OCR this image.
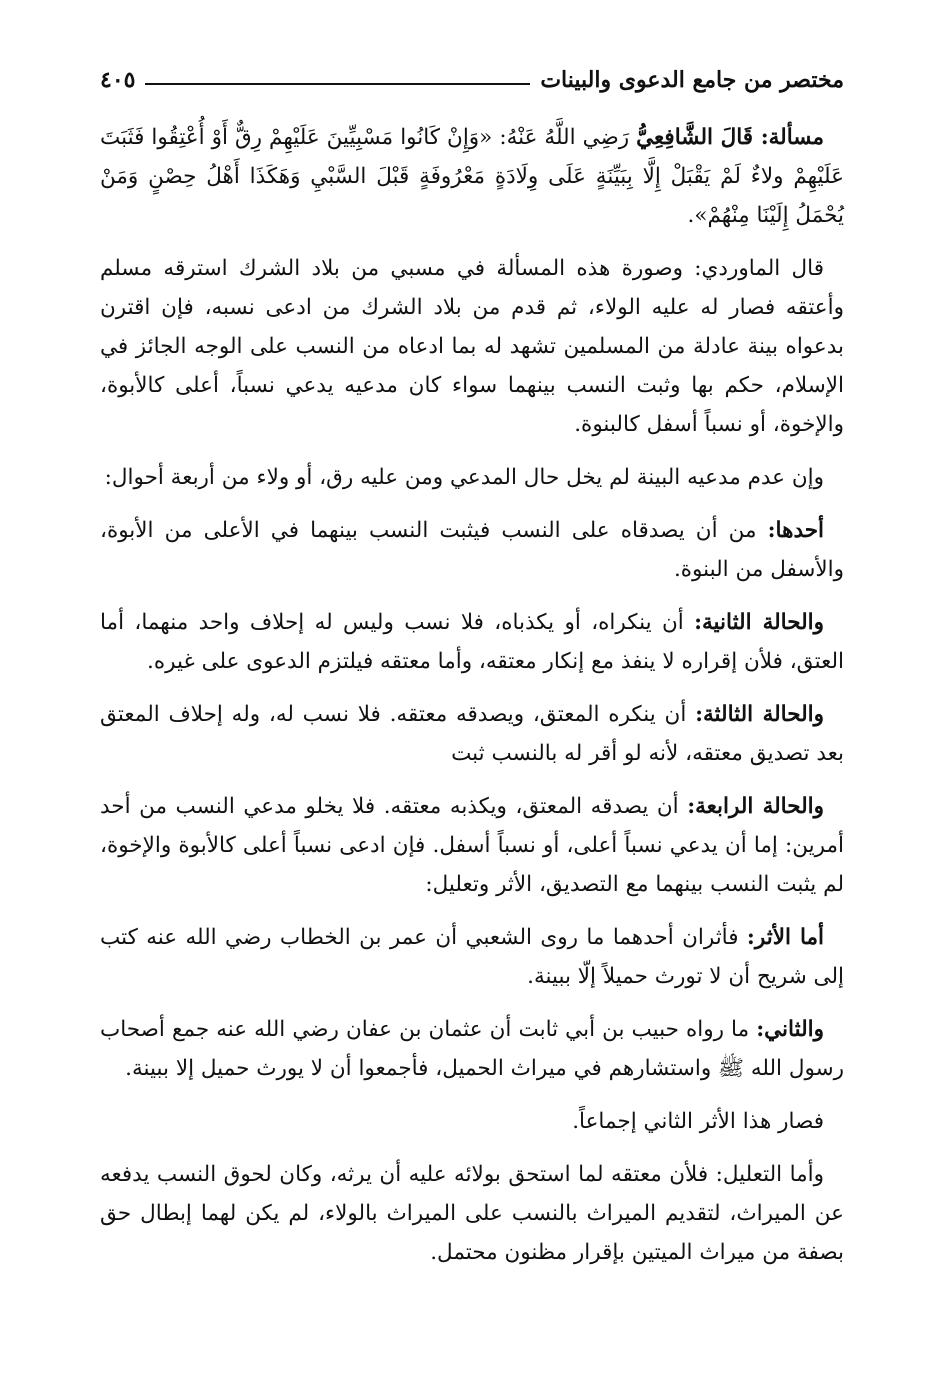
مختصر من جامع الدعوى والبينات
٤٠٥

مسألة: قَالَ الشَّافِعِيُّ رَضِي اللَّهُ عَنْهُ: «وَإِنْ كَانُوا مَسْبِيِّينَ عَلَيْهِمْ رِقٌّ أَوْ أُعْتِقُوا فَثَبَتَ عَلَيْهِمْ ولاءٌ لَمْ يَقْبَلْ إِلَّا بِبَيِّنَةٍ عَلَى وِلَادَةٍ مَعْرُوفَةٍ قَبْلَ السَّبْيِ وَهَكَذَا أَهْلُ حِصْنٍ وَمَنْ يُحْمَلُ إِلَيْنَا مِنْهُمْ».

قال الماوردي: وصورة هذه المسألة في مسبي من بلاد الشرك استرقه مسلم وأعتقه فصار له عليه الولاء، ثم قدم من بلاد الشرك من ادعى نسبه، فإن اقترن بدعواه بينة عادلة من المسلمين تشهد له بما ادعاه من النسب على الوجه الجائز في الإسلام، حكم بها وثبت النسب بينهما سواء كان مدعيه يدعي نسباً، أعلى كالأبوة، والإخوة، أو نسباً أسفل كالبنوة.

وإن عدم مدعيه البينة لم يخل حال المدعي ومن عليه رق، أو ولاء من أربعة أحوال:

أحدها: من أن يصدقاه على النسب فيثبت النسب بينهما في الأعلى من الأبوة، والأسفل من البنوة.

والحالة الثانية: أن ينكراه، أو يكذباه، فلا نسب وليس له إحلاف واحد منهما، أما العتق، فلأن إقراره لا ينفذ مع إنكار معتقه، وأما معتقه فيلتزم الدعوى على غيره.

والحالة الثالثة: أن ينكره المعتق، ويصدقه معتقه. فلا نسب له، وله إحلاف المعتق بعد تصديق معتقه، لأنه لو أقر له بالنسب ثبت

والحالة الرابعة: أن يصدقه المعتق، ويكذبه معتقه. فلا يخلو مدعي النسب من أحد أمرين: إما أن يدعي نسباً أعلى، أو نسباً أسفل. فإن ادعى نسباً أعلى كالأبوة والإخوة، لم يثبت النسب بينهما مع التصديق، الأثر وتعليل:

أما الأثر: فأثران أحدهما ما روى الشعبي أن عمر بن الخطاب رضي الله عنه كتب إلى شريح أن لا تورث حميلاً إلّا ببينة.

والثاني: ما رواه حبيب بن أبي ثابت أن عثمان بن عفان رضي الله عنه جمع أصحاب رسول الله ﷺ واستشارهم في ميراث الحميل، فأجمعوا أن لا يورث حميل إلا ببينة.

فصار هذا الأثر الثاني إجماعاً.

وأما التعليل: فلأن معتقه لما استحق بولائه عليه أن يرثه، وكان لحوق النسب يدفعه عن الميراث، لتقديم الميراث بالنسب على الميراث بالولاء، لم يكن لهما إبطال حق بصفة من ميراث الميتين بإقرار مظنون محتمل.
